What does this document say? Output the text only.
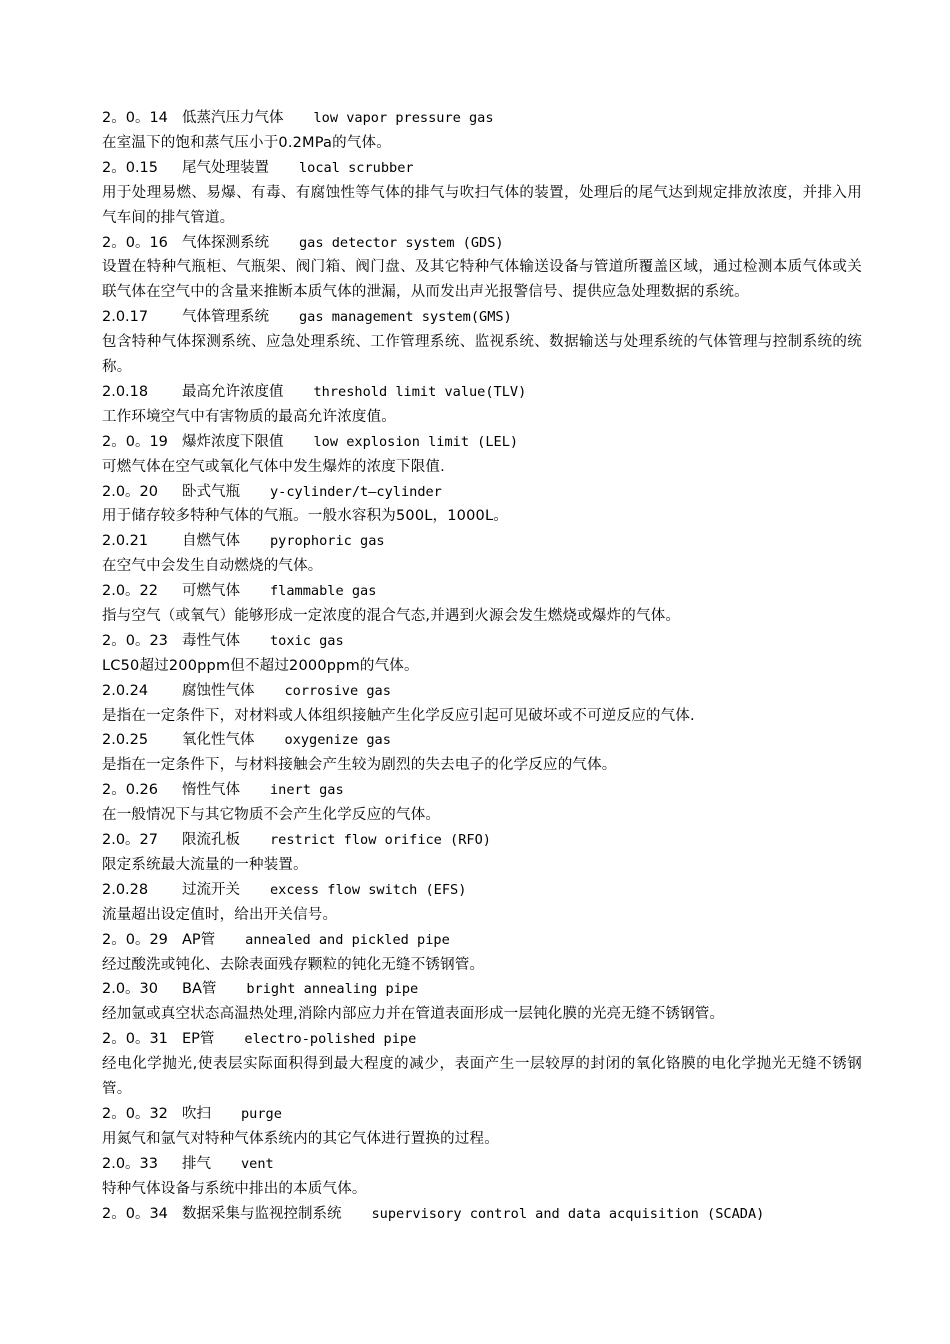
2。0。14 低蒸汽压力气体 low vapor pressure gas
在室温下的饱和蒸气压小于0.2MPa的气体。
2。0.15 尾气处理装置 local scrubber
用于处理易燃、易爆、有毒、有腐蚀性等气体的排气与吹扫气体的装置，处理后的尾气达到规定排放浓度，并排入用气车间的排气管道。
2。0。16 气体探测系统 gas detector system (GDS)
设置在特种气瓶柜、气瓶架、阀门箱、阀门盘、及其它特种气体输送设备与管道所覆盖区域，通过检测本质气体或关联气体在空气中的含量来推断本质气体的泄漏，从而发出声光报警信号、提供应急处理数据的系统。
2.0.17 气体管理系统 gas management system(GMS)
包含特种气体探测系统、应急处理系统、工作管理系统、监视系统、数据输送与处理系统的气体管理与控制系统的统称。
2.0.18 最高允许浓度值 threshold limit value(TLV)
工作环境空气中有害物质的最高允许浓度值。
2。0。19 爆炸浓度下限值 low explosion limit (LEL)
可燃气体在空气或氧化气体中发生爆炸的浓度下限值.
2.0。20 卧式气瓶 y-cylinder/t—cylinder
用于储存较多特种气体的气瓶。一般水容积为500L，1000L。
2.0.21 自燃气体 pyrophoric gas
在空气中会发生自动燃烧的气体。
2.0。22 可燃气体 flammable gas
指与空气（或氧气）能够形成一定浓度的混合气态,并遇到火源会发生燃烧或爆炸的气体。
2。0。23 毒性气体 toxic gas
LC50超过200ppm但不超过2000ppm的气体。
2.0.24 腐蚀性气体 corrosive gas
是指在一定条件下，对材料或人体组织接触产生化学反应引起可见破坏或不可逆反应的气体.
2.0.25 氧化性气体 oxygenize gas
是指在一定条件下，与材料接触会产生较为剧烈的失去电子的化学反应的气体。
2。0.26 惰性气体 inert gas
在一般情况下与其它物质不会产生化学反应的气体。
2.0。27 限流孔板 restrict flow orifice (RFO)
限定系统最大流量的一种装置。
2.0.28 过流开关 excess flow switch (EFS)
流量超出设定值时，给出开关信号。
2。0。29 AP管 annealed and pickled pipe
经过酸洗或钝化、去除表面残存颗粒的钝化无缝不锈钢管。
2.0。30 BA管 bright annealing pipe
经加氩或真空状态高温热处理,消除内部应力并在管道表面形成一层钝化膜的光亮无缝不锈钢管。
2。0。31 EP管 electro-polished pipe
经电化学抛光,使表层实际面积得到最大程度的减少，表面产生一层较厚的封闭的氧化铬膜的电化学抛光无缝不锈钢管。
2。0。32 吹扫 purge
用氮气和氩气对特种气体系统内的其它气体进行置换的过程。
2.0。33 排气 vent
特种气体设备与系统中排出的本质气体。
2。0。34 数据采集与监视控制系统 supervisory control and data acquisition (SCADA)
